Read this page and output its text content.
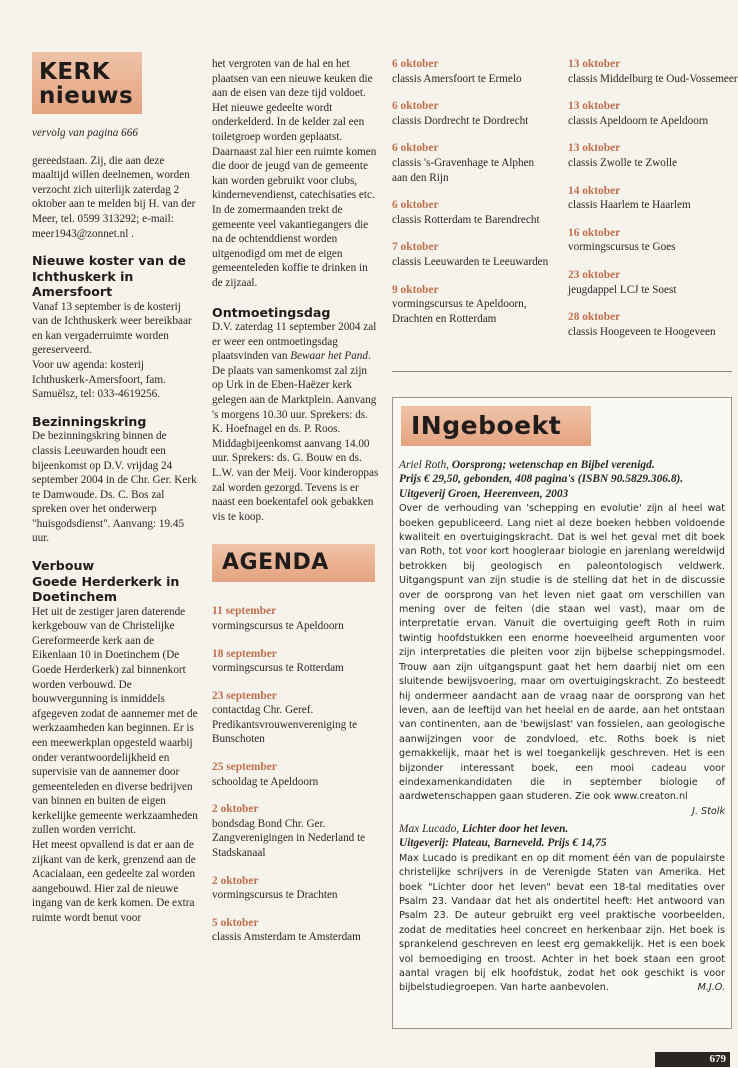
KERK
nieuws
vervolg van pagina 666
gereedstaan. Zij, die aan deze maaltijd willen deelnemen, worden verzocht zich uiterlijk zaterdag 2 oktober aan te melden bij H. van der Meer, tel. 0599 313292; e-mail: meer1943@zonnet.nl .
Nieuwe koster van de Ichthuskerk in Amersfoort
Vanaf 13 september is de kosterij van de Ichthuskerk weer bereikbaar en kan vergaderruimte worden gereserveerd.
Voor uw agenda: kosterij Ichthuskerk-Amersfoort, fam. Samuëlsz, tel: 033-4619256.
Bezinningskring
De bezinningskring binnen de classis Leeuwarden houdt een bijeenkomst op D.V. vrijdag 24 september 2004 in de Chr. Ger. Kerk te Damwoude. Ds. C. Bos zal spreken over het onderwerp "huisgodsdienst". Aanvang: 19.45 uur.
Verbouw
Goede Herderkerk in Doetinchem
Het uit de zestiger jaren daterende kerkgebouw van de Christelijke Gereformeerde kerk aan de Eikenlaan 10 in Doetinchem (De Goede Herderkerk) zal binnenkort worden verbouwd. De bouwvergunning is inmiddels afgegeven zodat de aannemer met de werkzaamheden kan beginnen. Er is een meewerkplan opgesteld waarbij onder verantwoordelijkheid en supervisie van de aannemer door gemeenteleden en diverse bedrijven van binnen en buiten de eigen kerkelijke gemeente werkzaamheden zullen worden verricht.
Het meest opvallend is dat er aan de zijkant van de kerk, grenzend aan de Acacialaan, een gedeelte zal worden aangebouwd. Hier zal de nieuwe ingang van de kerk komen. De extra ruimte wordt benut voor
het vergroten van de hal en het plaatsen van een nieuwe keuken die aan de eisen van deze tijd voldoet. Het nieuwe gedeelte wordt onderkelderd. In de kelder zal een toiletgroep worden geplaatst. Daarnaast zal hier een ruimte komen die door de jeugd van de gemeente kan worden gebruikt voor clubs, kindernevendienst, catechisaties etc.
In de zomermaanden trekt de gemeente veel vakantiegangers die na de ochtenddienst worden uitgenodigd om met de eigen gemeenteleden koffie te drinken in de zijzaal.
Ontmoetingsdag
D.V. zaterdag 11 september 2004 zal er weer een ontmoetingsdag plaatsvinden van Bewaar het Pand. De plaats van samenkomst zal zijn op Urk in de Eben-Haëzer kerk gelegen aan de Marktplein. Aanvang 's morgens 10.30 uur. Sprekers: ds. K. Hoefnagel en ds. P. Roos. Middagbijeenkomst aanvang 14.00 uur. Sprekers: ds. G. Bouw en ds. L.W. van der Meij. Voor kinderoppas zal worden gezorgd. Tevens is er naast een boekentafel ook gebakken vis te koop.
AGENDA
11 september
vormingscursus te Apeldoorn
18 september
vormingscursus te Rotterdam
23 september
contactdag Chr. Geref. Predikantsvrouwenvereniging te Bunschoten
25 september
schooldag te Apeldoorn
2 oktober
bondsdag Bond Chr. Ger. Zangverenigingen in Nederland te Stadskanaal
2 oktober
vormingscursus te Drachten
5 oktober
classis Amsterdam te Amsterdam
6 oktober
classis Amersfoort te Ermelo
6 oktober
classis Dordrecht te Dordrecht
6 oktober
classis 's-Gravenhage te Alphen aan den Rijn
6 oktober
classis Rotterdam te Barendrecht
7 oktober
classis Leeuwarden te Leeuwarden
9 oktober
vormingscursus te Apeldoorn, Drachten en Rotterdam
13 oktober
classis Middelburg te Oud-Vossemeer
13 oktober
classis Apeldoorn te Apeldoorn
13 oktober
classis Zwolle te Zwolle
14 oktober
classis Haarlem te Haarlem
16 oktober
vormingscursus te Goes
23 oktober
jeugdappel LCJ te Soest
28 oktober
classis Hoogeveen te Hoogeveen
INgeboekt
Ariel Roth, Oorsprong; wetenschap en Bijbel verenigd.
Prijs € 29,50, gebonden, 408 pagina's (ISBN 90.5829.306.8).
Uitgeverij Groen, Heerenveen, 2003
Over de verhouding van 'schepping en evolutie' zijn al heel wat boeken gepubliceerd. Lang niet al deze boeken hebben voldoende kwaliteit en overtuigingskracht. Dat is wel het geval met dit boek van Roth, tot voor kort hoogleraar biologie en jarenlang wereldwijd betrokken bij geologisch en paleontologisch veldwerk. Uitgangspunt van zijn studie is de stelling dat het in de discussie over de oorsprong van het leven niet gaat om verschillen van mening over de feiten (die staan wel vast), maar om de interpretatie ervan. Vanuit die overtuiging geeft Roth in ruim twintig hoofdstukken een enorme hoeveelheid argumenten voor zijn interpretaties die pleiten voor zijn bijbelse scheppingsmodel. Trouw aan zijn uitgangspunt gaat het hem daarbij niet om een sluitende bewijsvoering, maar om overtuigingskracht. Zo besteedt hij ondermeer aandacht aan de vraag naar de oorsprong van het leven, aan de leeftijd van het heelal en de aarde, aan het ontstaan van continenten, aan de 'bewijslast' van fossielen, aan geologische aanwijzingen voor de zondvloed, etc. Roths boek is niet gemakkelijk, maar het is wel toegankelijk geschreven. Het is een bijzonder interessant boek, een mooi cadeau voor eindexamenkandidaten die in september biologie of aardwetenschappen gaan studeren. Zie ook www.creaton.nl
J. Stolk
Max Lucado, Lichter door het leven.
Uitgeverij: Plateau, Barneveld. Prijs € 14,75
Max Lucado is predikant en op dit moment één van de populairste christelijke schrijvers in de Verenigde Staten van Amerika. Het boek "Lichter door het leven" bevat een 18-tal meditaties over Psalm 23. Vandaar dat het als ondertitel heeft: Het antwoord van Psalm 23. De auteur gebruikt erg veel praktische voorbeelden, zodat de meditaties heel concreet en herkenbaar zijn. Het boek is sprankelend geschreven en leest erg gemakkelijk. Het is een boek vol bemoediging en troost. Achter in het boek staan een groot aantal vragen bij elk hoofdstuk, zodat het ook geschikt is voor bijbelstudiegroepen. Van harte aanbevolen.	M.J.O.
679
